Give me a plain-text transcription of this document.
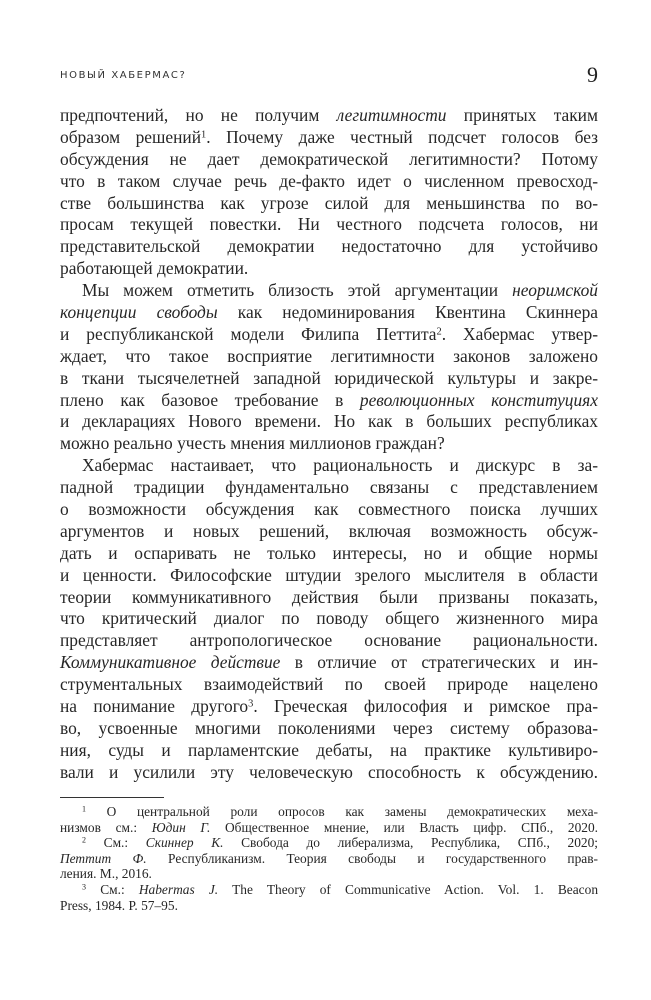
НОВЫЙ ХАБЕРМАС?	9
предпочтений, но не получим легитимности принятых таким
образом решений$^1$. Почему даже честный подсчет голосов без
обсуждения не дает демократической легитимности? Потому
что в таком случае речь де-факто идет о численном превосход-
стве большинства как угрозе силой для меньшинства по во-
просам текущей повестки. Ни честного подсчета голосов, ни
представительской демократии недостаточно для устойчиво
работающей демократии.
Мы можем отметить близость этой аргументации неоримской
концепции свободы как недоминирования Квентина Скиннера
и республиканской модели Филипа Петтита$^2$. Хабермас утвер-
ждает, что такое восприятие легитимности законов заложено
в ткани тысячелетней западной юридической культуры и закре-
плено как базовое требование в революционных конституциях
и декларациях Нового времени. Но как в больших республиках
можно реально учесть мнения миллионов граждан?
Хабермас настаивает, что рациональность и дискурс в за-
падной традиции фундаментально связаны с представлением
о возможности обсуждения как совместного поиска лучших
аргументов и новых решений, включая возможность обсуж-
дать и оспаривать не только интересы, но и общие нормы
и ценности. Философские штудии зрелого мыслителя в области
теории коммуникативного действия были призваны показать,
что критический диалог по поводу общего жизненного мира
представляет антропологическое основание рациональности.
Коммуникативное действие в отличие от стратегических и ин-
струментальных взаимодействий по своей природе нацелено
на понимание другого$^3$. Греческая философия и римское пра-
во, усвоенные многими поколениями через систему образова-
ния, суды и парламентские дебаты, на практике культивиро-
вали и усилили эту человеческую способность к обсуждению.
$^1$ О центральной роли опросов как замены демократических меха-
низмов см.: Юдин Г. Общественное мнение, или Власть цифр. СПб., 2020.
$^2$ См.: Скиннер К. Свобода до либерализма, Республика, СПб., 2020;
Петтит Ф. Республиканизм. Теория свободы и государственного прав-
ления. М., 2016.
$^3$ См.: Habermas J. The Theory of Communicative Action. Vol. 1. Beacon
Press, 1984. P. 57–95.
